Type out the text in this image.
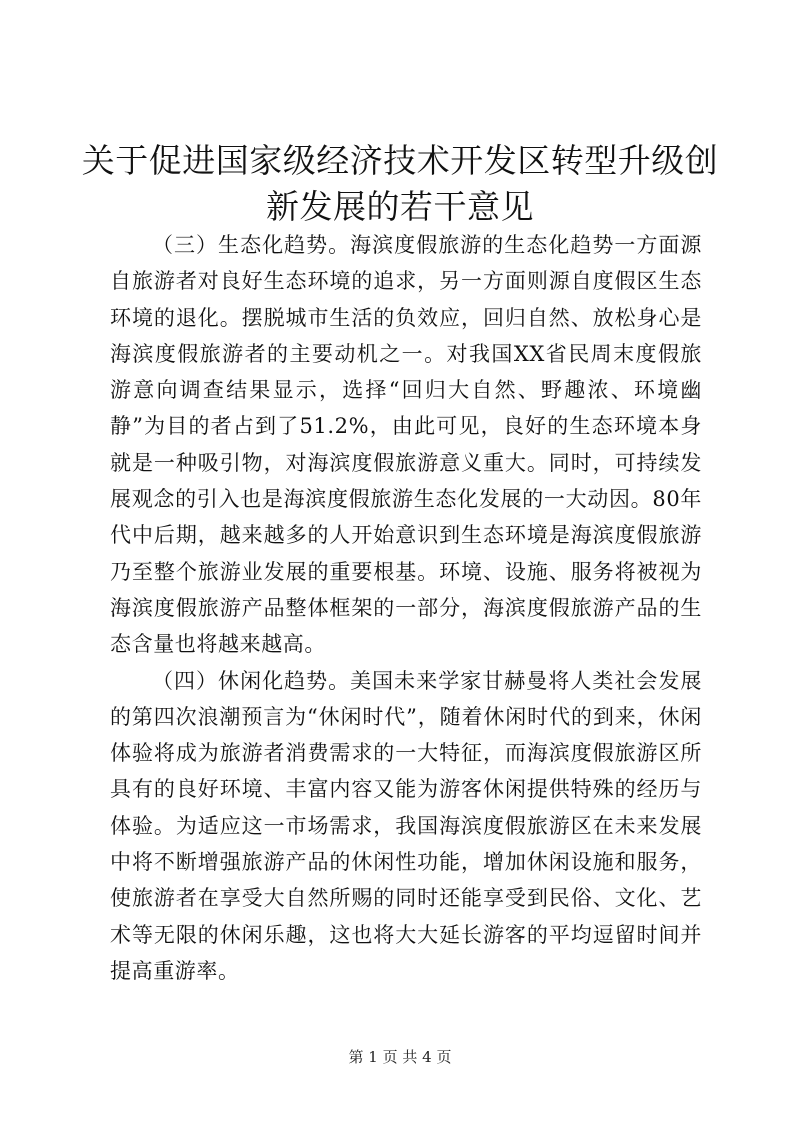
关于促进国家级经济技术开发区转型升级创新发展的若干意见

（三）生态化趋势。海滨度假旅游的生态化趋势一方面源自旅游者对良好生态环境的追求，另一方面则源自度假区生态环境的退化。摆脱城市生活的负效应，回归自然、放松身心是海滨度假旅游者的主要动机之一。对我国XX省民周末度假旅游意向调查结果显示，选择“回归大自然、野趣浓、环境幽静”为目的者占到了51.2%，由此可见，良好的生态环境本身就是一种吸引物，对海滨度假旅游意义重大。同时，可持续发展观念的引入也是海滨度假旅游生态化发展的一大动因。80年代中后期，越来越多的人开始意识到生态环境是海滨度假旅游乃至整个旅游业发展的重要根基。环境、设施、服务将被视为海滨度假旅游产品整体框架的一部分，海滨度假旅游产品的生态含量也将越来越高。

（四）休闲化趋势。美国未来学家甘赫曼将人类社会发展的第四次浪潮预言为“休闲时代”，随着休闲时代的到来，休闲体验将成为旅游者消费需求的一大特征，而海滨度假旅游区所具有的良好环境、丰富内容又能为游客休闲提供特殊的经历与体验。为适应这一市场需求，我国海滨度假旅游区在未来发展中将不断增强旅游产品的休闲性功能，增加休闲设施和服务，使旅游者在享受大自然所赐的同时还能享受到民俗、文化、艺术等无限的休闲乐趣，这也将大大延长游客的平均逗留时间并提高重游率。

第 1 页 共 4 页
